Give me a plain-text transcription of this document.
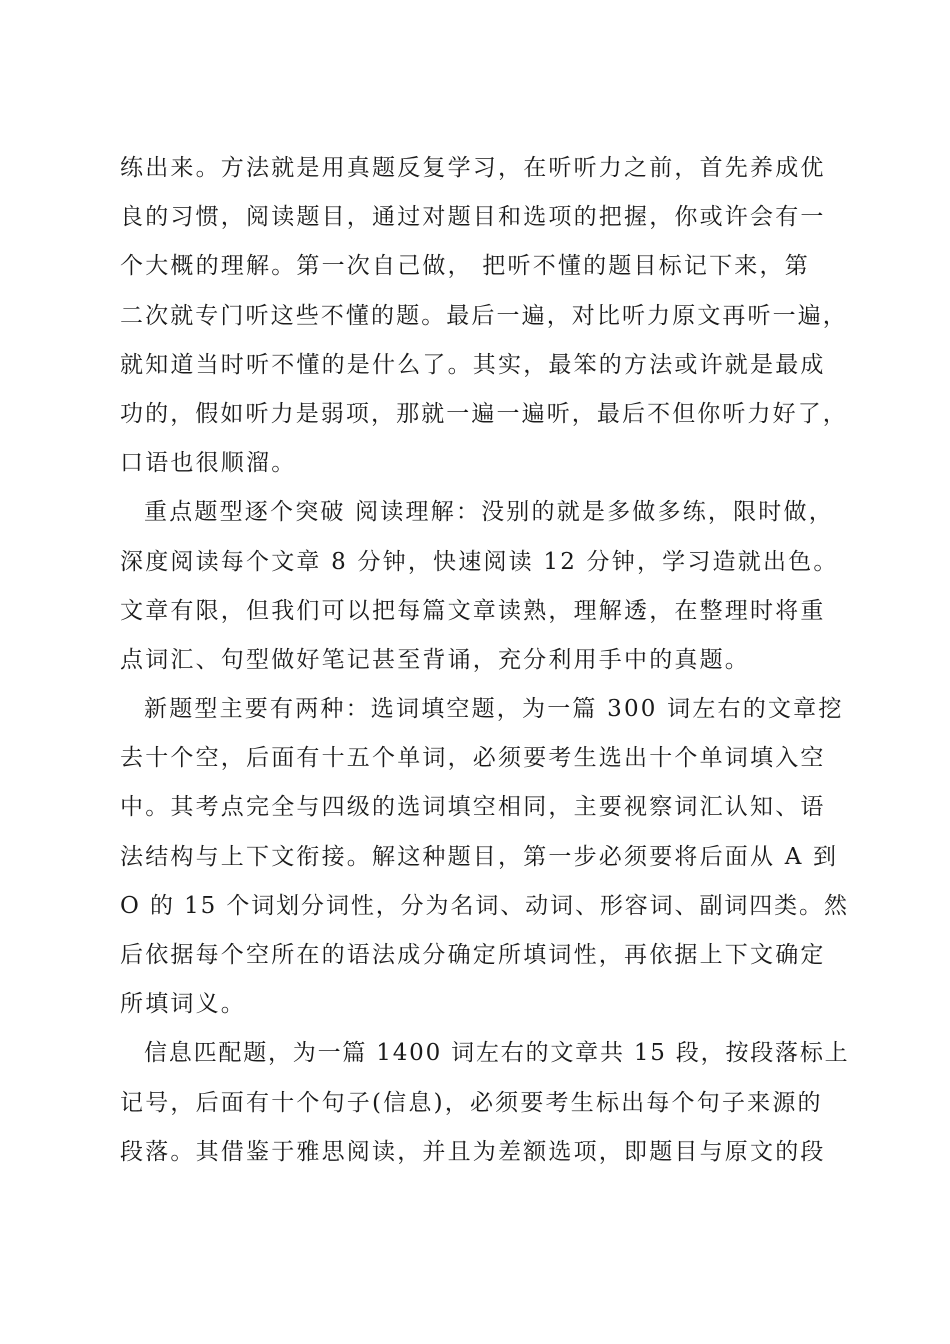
练出来。方法就是用真题反复学习，在听听力之前，首先养成优
良的习惯，阅读题目，通过对题目和选项的把握，你或许会有一
个大概的理解。第一次自己做， 把听不懂的题目标记下来，第
二次就专门听这些不懂的题。最后一遍，对比听力原文再听一遍，
就知道当时听不懂的是什么了。其实，最笨的方法或许就是最成
功的，假如听力是弱项，那就一遍一遍听，最后不但你听力好了，
口语也很顺溜。
重点题型逐个突破 阅读理解：没别的就是多做多练，限时做，
深度阅读每个文章 8 分钟，快速阅读 12 分钟，学习造就出色。
文章有限，但我们可以把每篇文章读熟，理解透，在整理时将重
点词汇、句型做好笔记甚至背诵，充分利用手中的真题。
新题型主要有两种：选词填空题，为一篇 300 词左右的文章挖
去十个空，后面有十五个单词，必须要考生选出十个单词填入空
中。其考点完全与四级的选词填空相同，主要视察词汇认知、语
法结构与上下文衔接。解这种题目，第一步必须要将后面从 A 到
O 的 15 个词划分词性，分为名词、动词、形容词、副词四类。然
后依据每个空所在的语法成分确定所填词性，再依据上下文确定
所填词义。
信息匹配题，为一篇 1400 词左右的文章共 15 段，按段落标上
记号，后面有十个句子(信息)，必须要考生标出每个句子来源的
段落。其借鉴于雅思阅读，并且为差额选项，即题目与原文的段
